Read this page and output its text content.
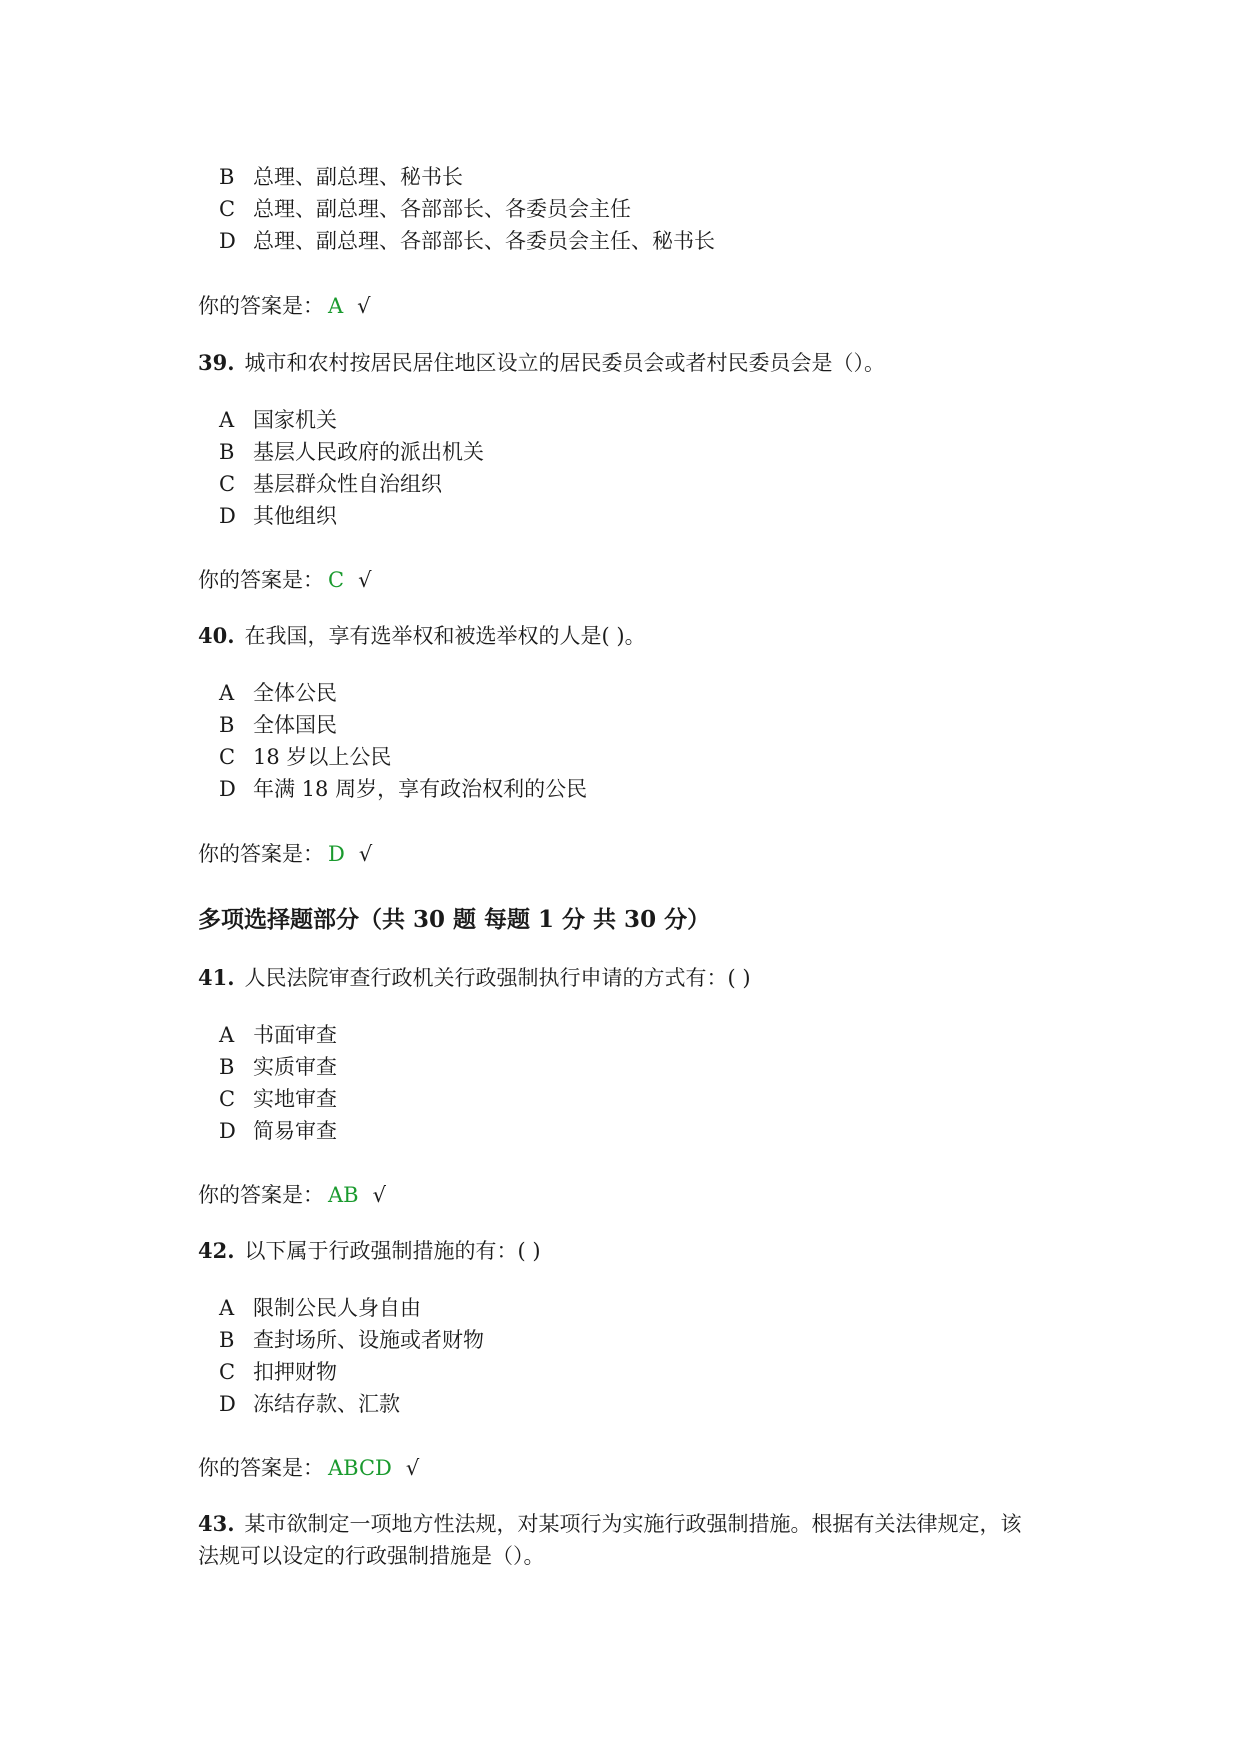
B 总理、副总理、秘书长
C 总理、副总理、各部部长、各委员会主任
D 总理、副总理、各部部长、各委员会主任、秘书长
你的答案是： A √
39. 城市和农村按居民居住地区设立的居民委员会或者村民委员会是（）。
A 国家机关
B 基层人民政府的派出机关
C 基层群众性自治组织
D 其他组织
你的答案是： C √
40. 在我国，享有选举权和被选举权的人是( )。
A 全体公民
B 全体国民
C 18 岁以上公民
D 年满 18 周岁，享有政治权利的公民
你的答案是： D √
多项选择题部分（共 30 题 每题 1 分 共 30 分）
41. 人民法院审查行政机关行政强制执行申请的方式有：( )
A 书面审查
B 实质审查
C 实地审查
D 简易审查
你的答案是： AB √
42. 以下属于行政强制措施的有：( )
A 限制公民人身自由
B 查封场所、设施或者财物
C 扣押财物
D 冻结存款、汇款
你的答案是： ABCD √
43. 某市欲制定一项地方性法规，对某项行为实施行政强制措施。根据有关法律规定，该
法规可以设定的行政强制措施是（）。
